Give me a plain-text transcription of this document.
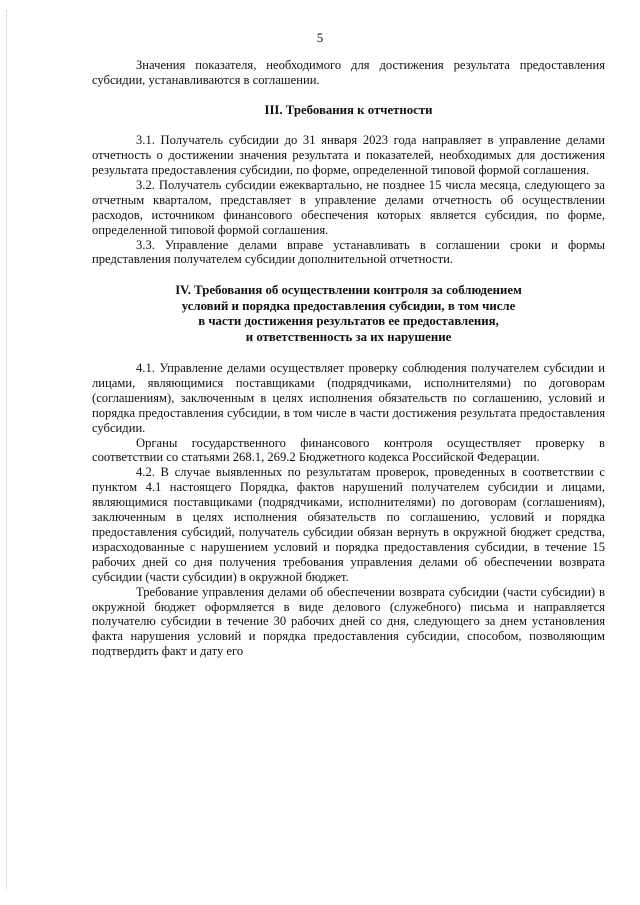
5

Значения показателя, необходимого для достижения результата предоставления субсидии, устанавливаются в соглашении.

III. Требования к отчетности

3.1. Получатель субсидии до 31 января 2023 года направляет в управление делами отчетность о достижении значения результата и показателей, необходимых для достижения результата предоставления субсидии, по форме, определенной типовой формой соглашения.

3.2. Получатель субсидии ежеквартально, не позднее 15 числа месяца, следующего за отчетным кварталом, представляет в управление делами отчетность об осуществлении расходов, источником финансового обеспечения которых является субсидия, по форме, определенной типовой формой соглашения.

3.3. Управление делами вправе устанавливать в соглашении сроки и формы представления получателем субсидии дополнительной отчетности.

IV. Требования об осуществлении контроля за соблюдением
условий и порядка предоставления субсидии, в том числе
в части достижения результатов ее предоставления,
и ответственность за их нарушение

4.1. Управление делами осуществляет проверку соблюдения получателем субсидии и лицами, являющимися поставщиками (подрядчиками, исполнителями) по договорам (соглашениям), заключенным в целях исполнения обязательств по соглашению, условий и порядка предоставления субсидии, в том числе в части достижения результата предоставления субсидии.

Органы государственного финансового контроля осуществляет проверку в соответствии со статьями 268.1, 269.2 Бюджетного кодекса Российской Федерации.

4.2. В случае выявленных по результатам проверок, проведенных в соответствии с пунктом 4.1 настоящего Порядка, фактов нарушений получателем субсидии и лицами, являющимися поставщиками (подрядчиками, исполнителями) по договорам (соглашениям), заключенным в целях исполнения обязательств по соглашению, условий и порядка предоставления субсидий, получатель субсидии обязан вернуть в окружной бюджет средства, израсходованные с нарушением условий и порядка предоставления субсидии, в течение 15 рабочих дней со дня получения требования управления делами об обеспечении возврата субсидии (части субсидии) в окружной бюджет.

Требование управления делами об обеспечении возврата субсидии (части субсидии) в окружной бюджет оформляется в виде делового (служебного) письма и направляется получателю субсидии в течение 30 рабочих дней со дня, следующего за днем установления факта нарушения условий и порядка предоставления субсидии, способом, позволяющим подтвердить факт и дату его
